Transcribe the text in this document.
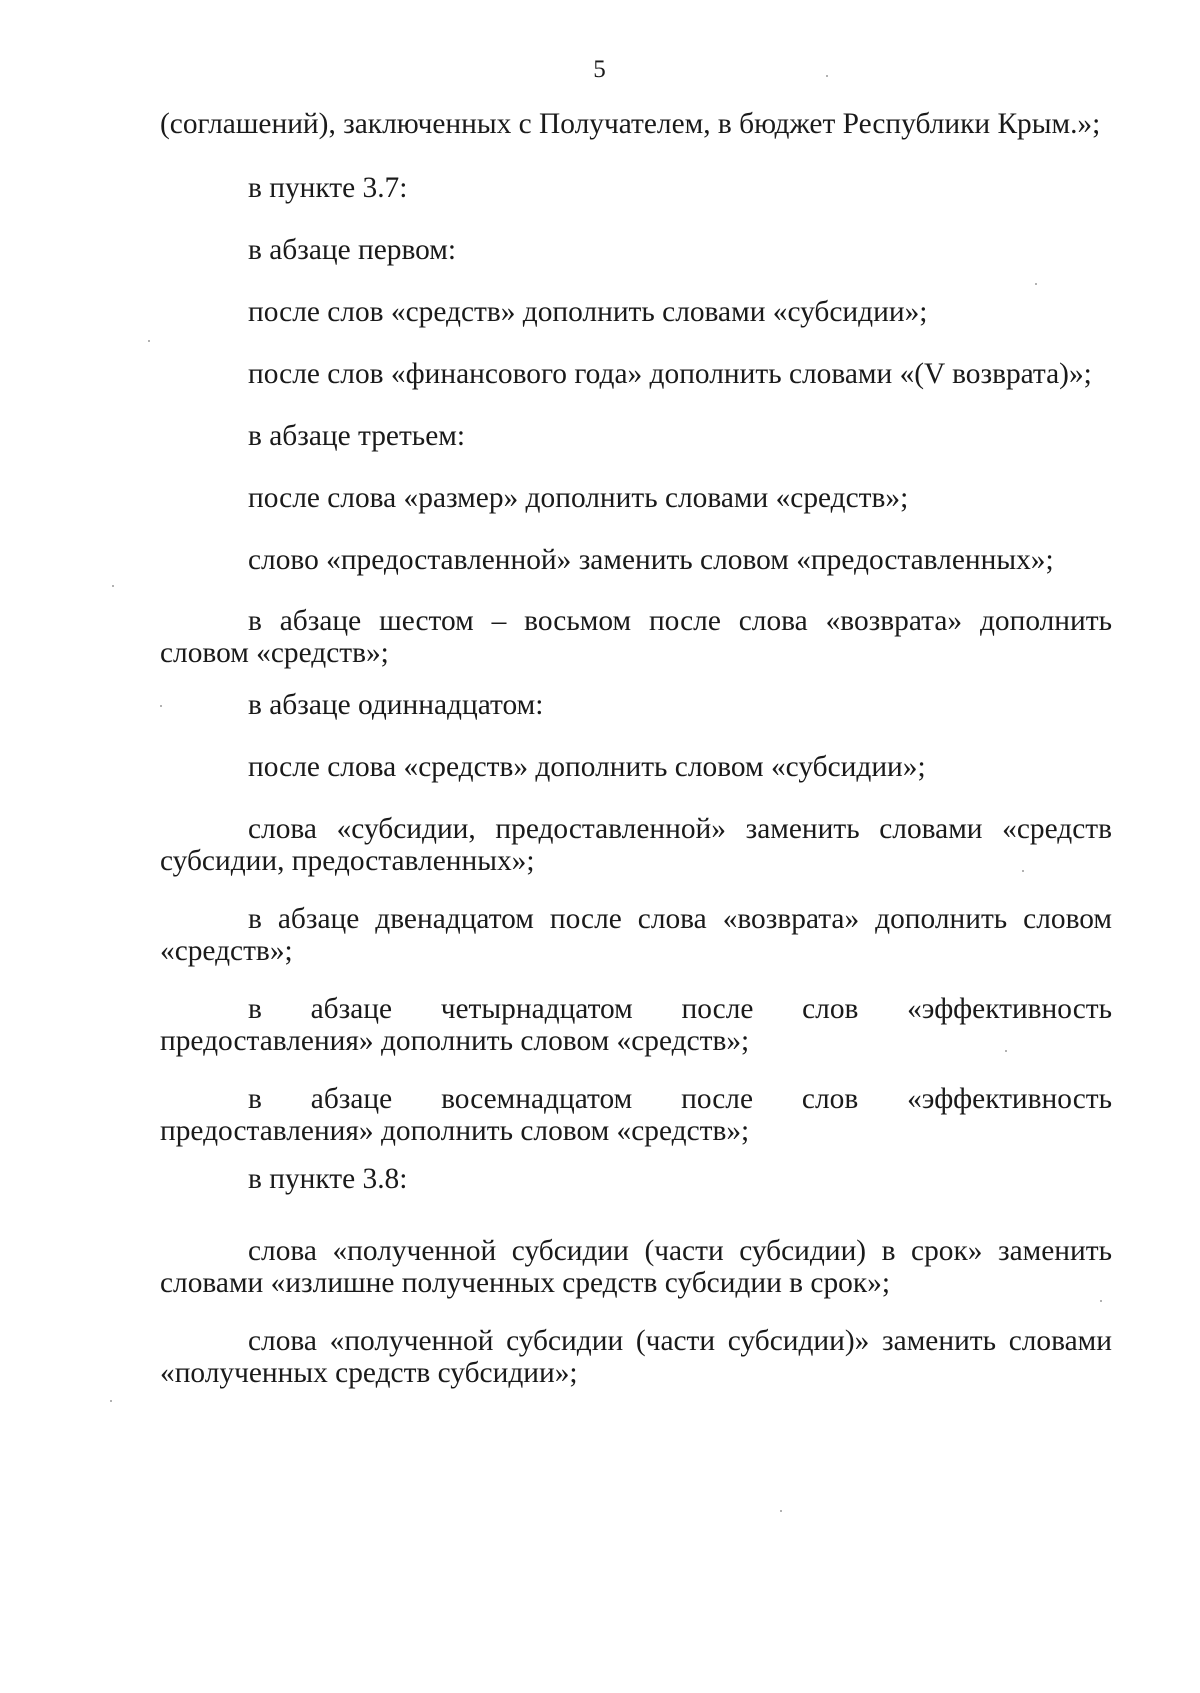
5

(соглашений), заключенных с Получателем, в бюджет Республики Крым.»;

в пункте 3.7:

в абзаце первом:

после слов «средств» дополнить словами «субсидии»;

после слов «финансового года» дополнить словами «(V возврата)»;

в абзаце третьем:

после слова «размер» дополнить словами «средств»;

слово «предоставленной» заменить словом «предоставленных»;

в абзаце шестом – восьмом после слова «возврата» дополнить словом «средств»;

в абзаце одиннадцатом:

после слова «средств» дополнить словом «субсидии»;

слова «субсидии, предоставленной» заменить словами «средств субсидии, предоставленных»;

в абзаце двенадцатом после слова «возврата» дополнить словом «средств»;

в абзаце четырнадцатом после слов «эффективность предоставления» дополнить словом «средств»;

в абзаце восемнадцатом после слов «эффективность предоставления» дополнить словом «средств»;

в пункте 3.8:

слова «полученной субсидии (части субсидии) в срок» заменить словами «излишне полученных средств субсидии в срок»;

слова «полученной субсидии (части субсидии)» заменить словами «полученных средств субсидии»;
